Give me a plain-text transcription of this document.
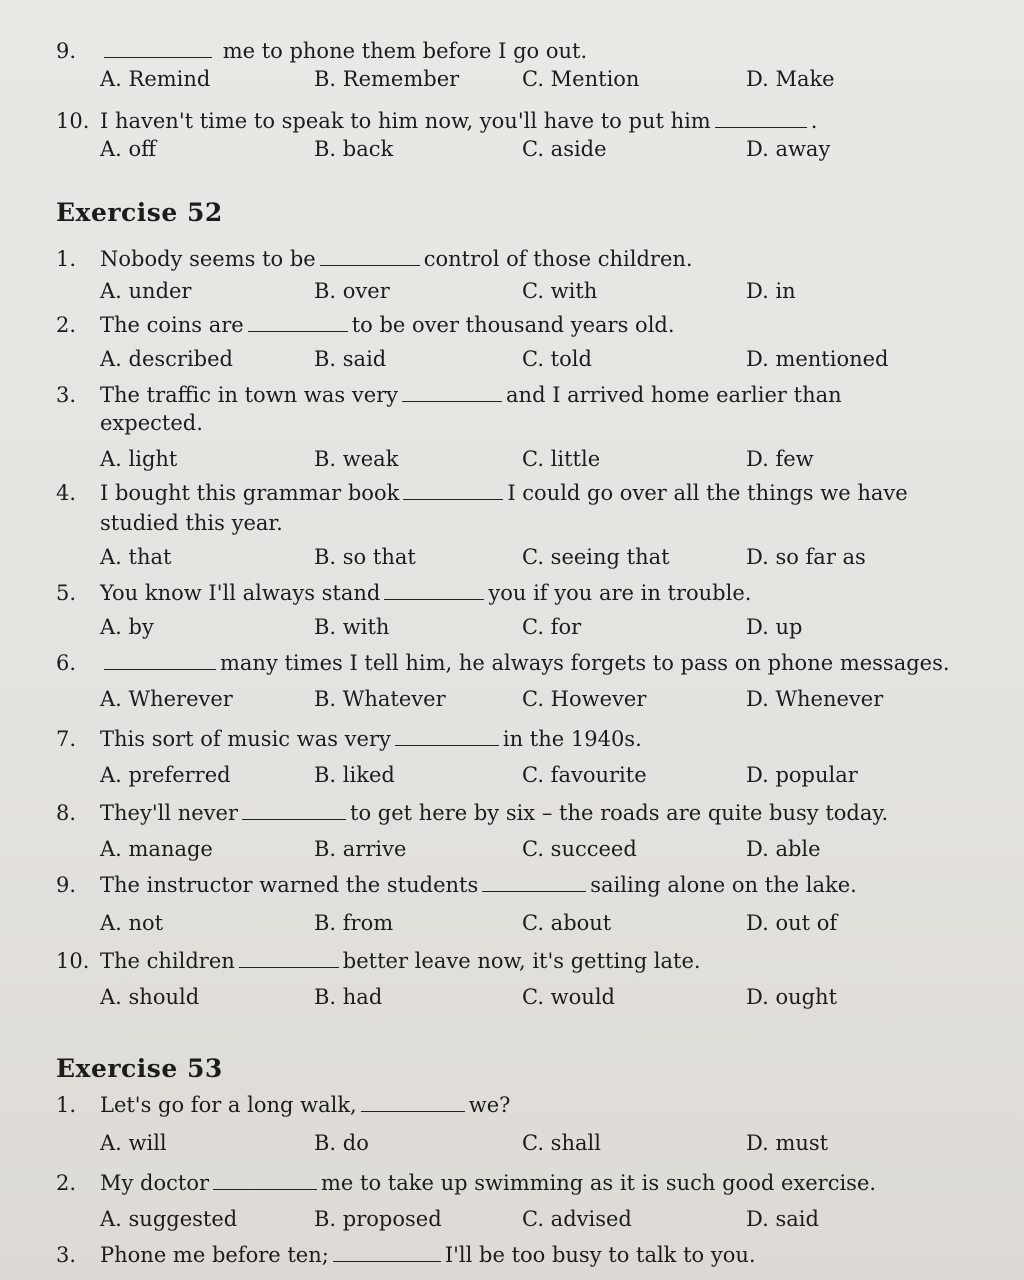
9.	me to phone them before I go out.
A. Remind	B. Remember	C. Mention	D. Make
10. I haven't time to speak to him now, you'll have to put him	.
A. off	B. back	C. aside	D. away
Exercise 52
1. Nobody seems to be	control of those children.
A. under	B. over	C. with	D. in
2. The coins are	to be over thousand years old.
A. described	B. said	C. told	D. mentioned
3. The traffic in town was very	and I arrived home earlier than
expected.
A. light	B. weak	C. little	D. few
4. I bought this grammar book	I could go over all the things we have
studied this year.
A. that	B. so that	C. seeing that	D. so far as
5. You know I'll always stand	you if you are in trouble.
A. by	B. with	C. for	D. up
6.	many times I tell him, he always forgets to pass on phone messages.
A. Wherever	B. Whatever	C. However	D. Whenever
7. This sort of music was very	in the 1940s.
A. preferred	B. liked	C. favourite	D. popular
8. They'll never	to get here by six – the roads are quite busy today.
A. manage	B. arrive	C. succeed	D. able
9. The instructor warned the students	sailing alone on the lake.
A. not	B. from	C. about	D. out of
10. The children	better leave now, it's getting late.
A. should	B. had	C. would	D. ought
Exercise 53
1. Let's go for a long walk,	we?
A. will	B. do	C. shall	D. must
2. My doctor	me to take up swimming as it is such good exercise.
A. suggested	B. proposed	C. advised	D. said
3. Phone me before ten;	I'll be too busy to talk to you.
